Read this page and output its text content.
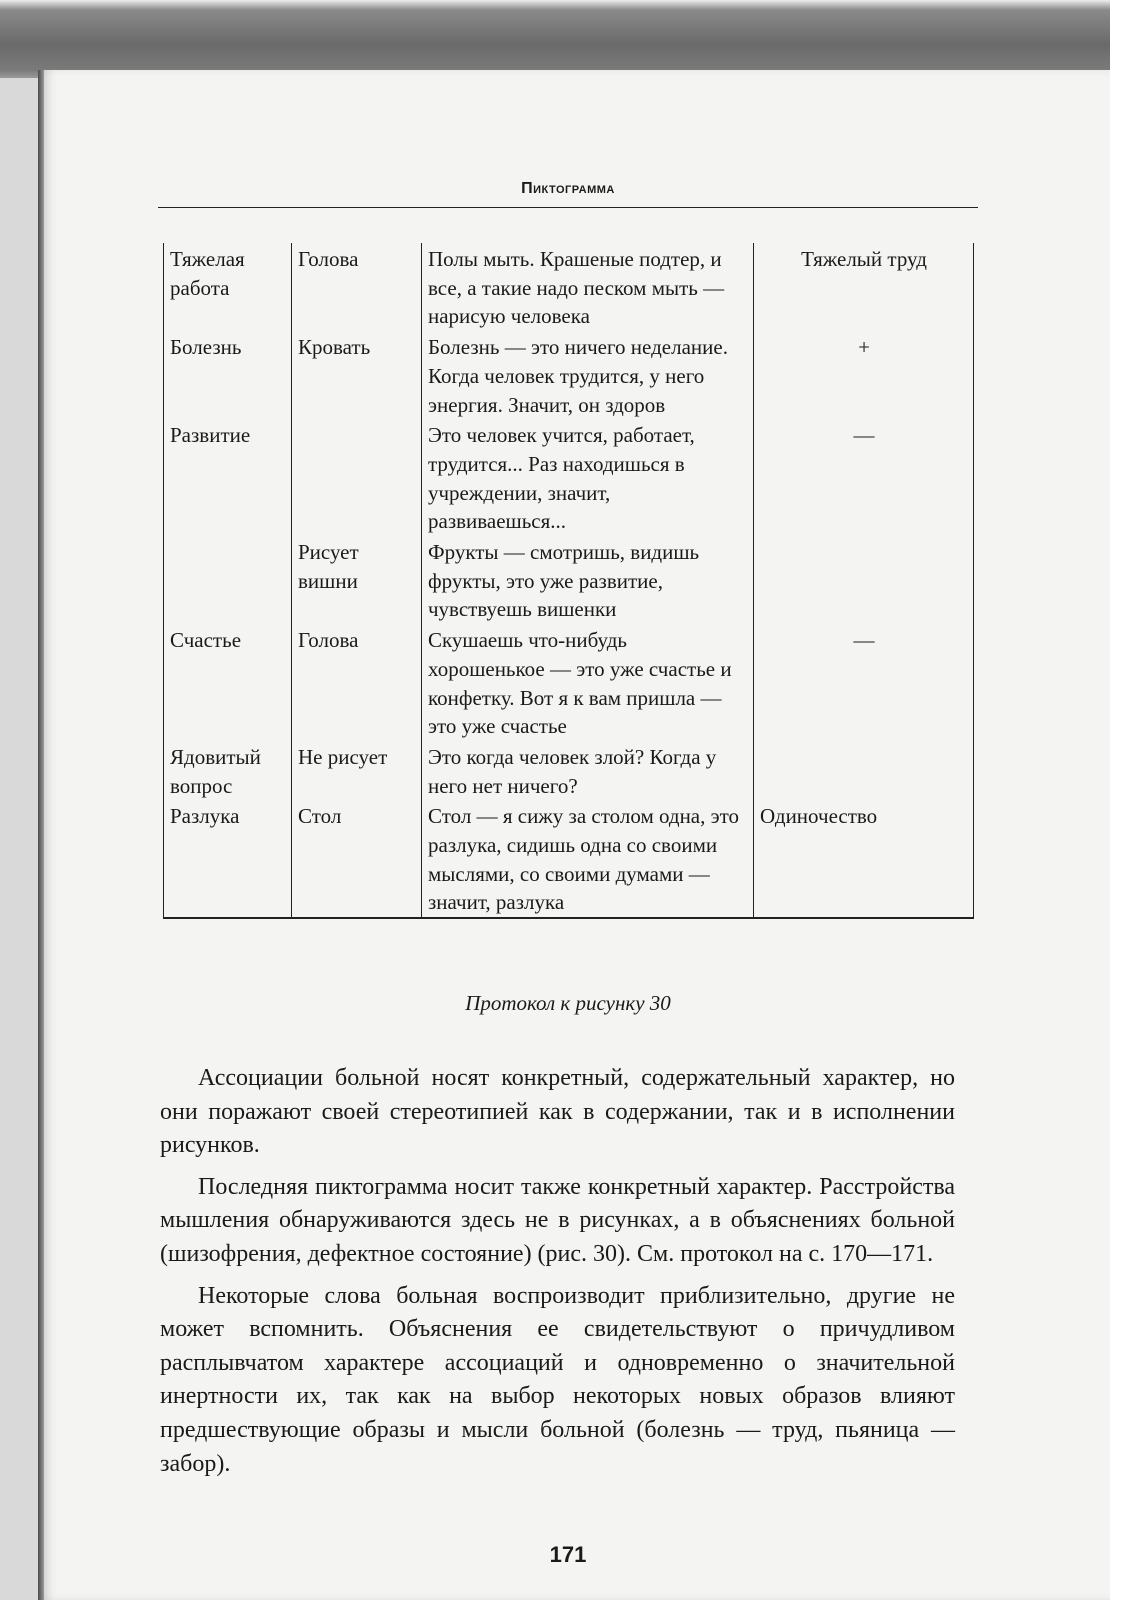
Пиктограмма
Тяжелая работа	Голова	Полы мыть. Крашеные подтер, и все, а такие надо песком мыть — нарисую человека	Тяжелый труд
Болезнь	Кровать	Болезнь — это ничего неделание. Когда человек трудится, у него энергия. Значит, он здоров	+
Развитие		Это человек учится, работает, трудится... Раз находишься в учреждении, значит, развиваешься...	—
	Рисует вишни	Фрукты — смотришь, видишь фрукты, это уже развитие, чувствуешь вишенки	
Счастье	Голова	Скушаешь что-нибудь хорошенькое — это уже счастье и конфетку. Вот я к вам пришла — это уже счастье	—
Ядовитый вопрос	Не рисует	Это когда человек злой? Когда у него нет ничего?	
Разлука	Стол	Стол — я сижу за столом одна, это разлука, сидишь одна со своими мыслями, со своими думами — значит, разлука	Одиночество
Протокол к рисунку 30

Ассоциации больной носят конкретный, содержательный характер, но они поражают своей стереотипией как в содержании, так и в исполнении рисунков.

Последняя пиктограмма носит также конкретный характер. Расстройства мышления обнаруживаются здесь не в рисунках, а в объяснениях больной (шизофрения, дефектное состояние) (рис. 30). См. протокол на с. 170—171.

Некоторые слова больная воспроизводит приблизительно, другие не может вспомнить. Объяснения ее свидетельствуют о причудливом расплывчатом характере ассоциаций и одновременно о значительной инертности их, так как на выбор некоторых новых образов влияют предшествующие образы и мысли больной (болезнь — труд, пьяница — забор).

171
